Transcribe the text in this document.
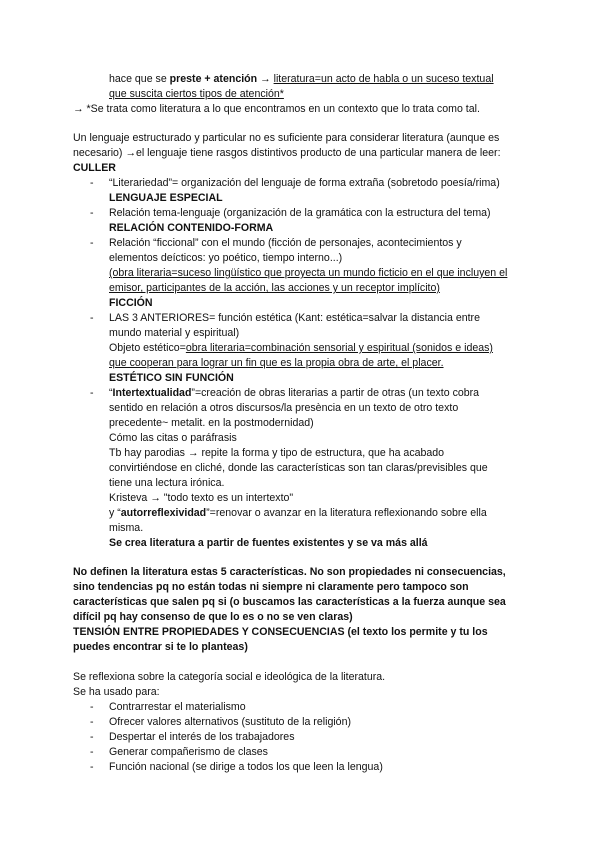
hace que se preste + atención → literatura=un acto de habla o un suceso textual
que suscita ciertos tipos de atención*
→ *Se trata como literatura a lo que encontramos en un contexto que lo trata como tal.
Un lenguaje estructurado y particular no es suficiente para considerar literatura (aunque es
necesario) →el lenguaje tiene rasgos distintivos producto de una particular manera de leer:
CULLER
- “Literariedad”= organización del lenguaje de forma extraña (sobretodo poesía/rima)
LENGUAJE ESPECIAL
- Relación tema-lenguaje (organización de la gramática con la estructura del tema)
RELACIÓN CONTENIDO-FORMA
- Relación “ficcional” con el mundo (ficción de personajes, acontecimientos y
elementos deícticos: yo poético, tiempo interno...)
(obra literaria=suceso lingüístico que proyecta un mundo ficticio en el que incluyen el
emisor, participantes de la acción, las acciones y un receptor implícito)
FICCIÓN
- LAS 3 ANTERIORES= función estética (Kant: estética=salvar la distancia entre
mundo material y espiritual)
Objeto estético=obra literaria=combinación sensorial y espiritual (sonidos e ideas)
que cooperan para lograr un fin que es la propia obra de arte, el placer.
ESTÉTICO SIN FUNCIÓN
- “Intertextualidad”=creación de obras literarias a partir de otras (un texto cobra
sentido en relación a otros discursos/la presència en un texto de otro texto
precedente~ metalit. en la postmodernidad)
Cómo las citas o paráfrasis
Tb hay parodias → repite la forma y tipo de estructura, que ha acabado
convirtiéndose en cliché, donde las características son tan claras/previsibles que
tiene una lectura irónica.
Kristeva → "todo texto es un intertexto"
y “autorreflexividad”=renovar o avanzar en la literatura reflexionando sobre ella
misma.
Se crea literatura a partir de fuentes existentes y se va más allá
No definen la literatura estas 5 características. No son propiedades ni consecuencias,
sino tendencias pq no están todas ni siempre ni claramente pero tampoco son
características que salen pq si (o buscamos las características a la fuerza aunque sea
difícil pq hay consenso de que lo es o no se ven claras)
TENSIÓN ENTRE PROPIEDADES Y CONSECUENCIAS (el texto los permite y tu los
puedes encontrar si te lo planteas)
Se reflexiona sobre la categoría social e ideológica de la literatura.
Se ha usado para:
- Contrarrestar el materialismo
- Ofrecer valores alternativos (sustituto de la religión)
- Despertar el interés de los trabajadores
- Generar compañerismo de clases
- Función nacional (se dirige a todos los que leen la lengua)
